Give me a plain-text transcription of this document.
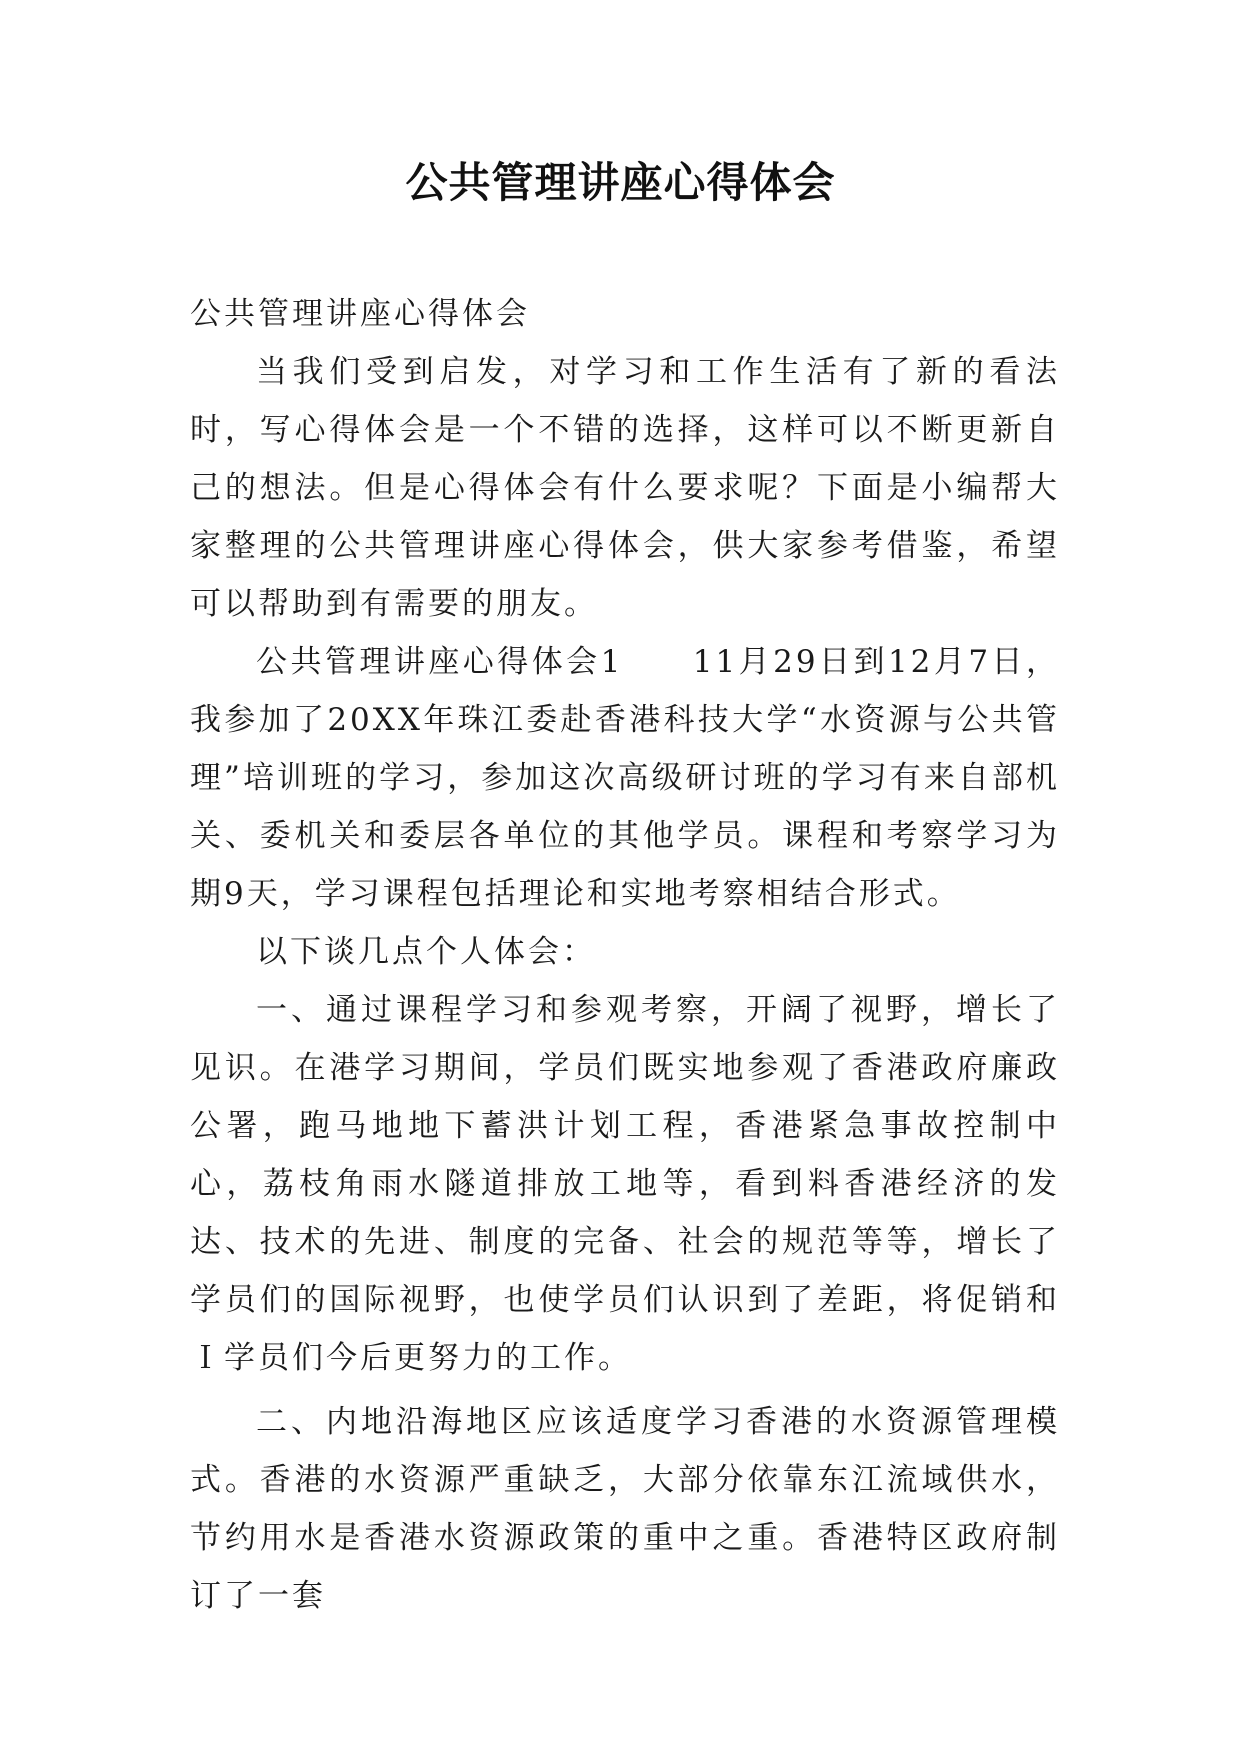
公共管理讲座心得体会

公共管理讲座心得体会

当我们受到启发，对学习和工作生活有了新的看法时，写心得体会是一个不错的选择，这样可以不断更新自己的想法。但是心得体会有什么要求呢？下面是小编帮大家整理的公共管理讲座心得体会，供大家参考借鉴，希望可以帮助到有需要的朋友。

公共管理讲座心得体会1　　11月29日到12月7日，我参加了20XX年珠江委赴香港科技大学“水资源与公共管理”培训班的学习，参加这次高级研讨班的学习有来自部机关、委机关和委层各单位的其他学员。课程和考察学习为期9天，学习课程包括理论和实地考察相结合形式。

以下谈几点个人体会：

一、通过课程学习和参观考察，开阔了视野，增长了见识。在港学习期间，学员们既实地参观了香港政府廉政公署，跑马地地下蓄洪计划工程，香港紧急事故控制中心，荔枝角雨水隧道排放工地等，看到料香港经济的发达、技术的先进、制度的完备、社会的规范等等，增长了学员们的国际视野，也使学员们认识到了差距，将促销和Ｉ学员们今后更努力的工作。

二、内地沿海地区应该适度学习香港的水资源管理模式。香港的水资源严重缺乏，大部分依靠东江流域供水，节约用水是香港水资源政策的重中之重。香港特区政府制订了一套
